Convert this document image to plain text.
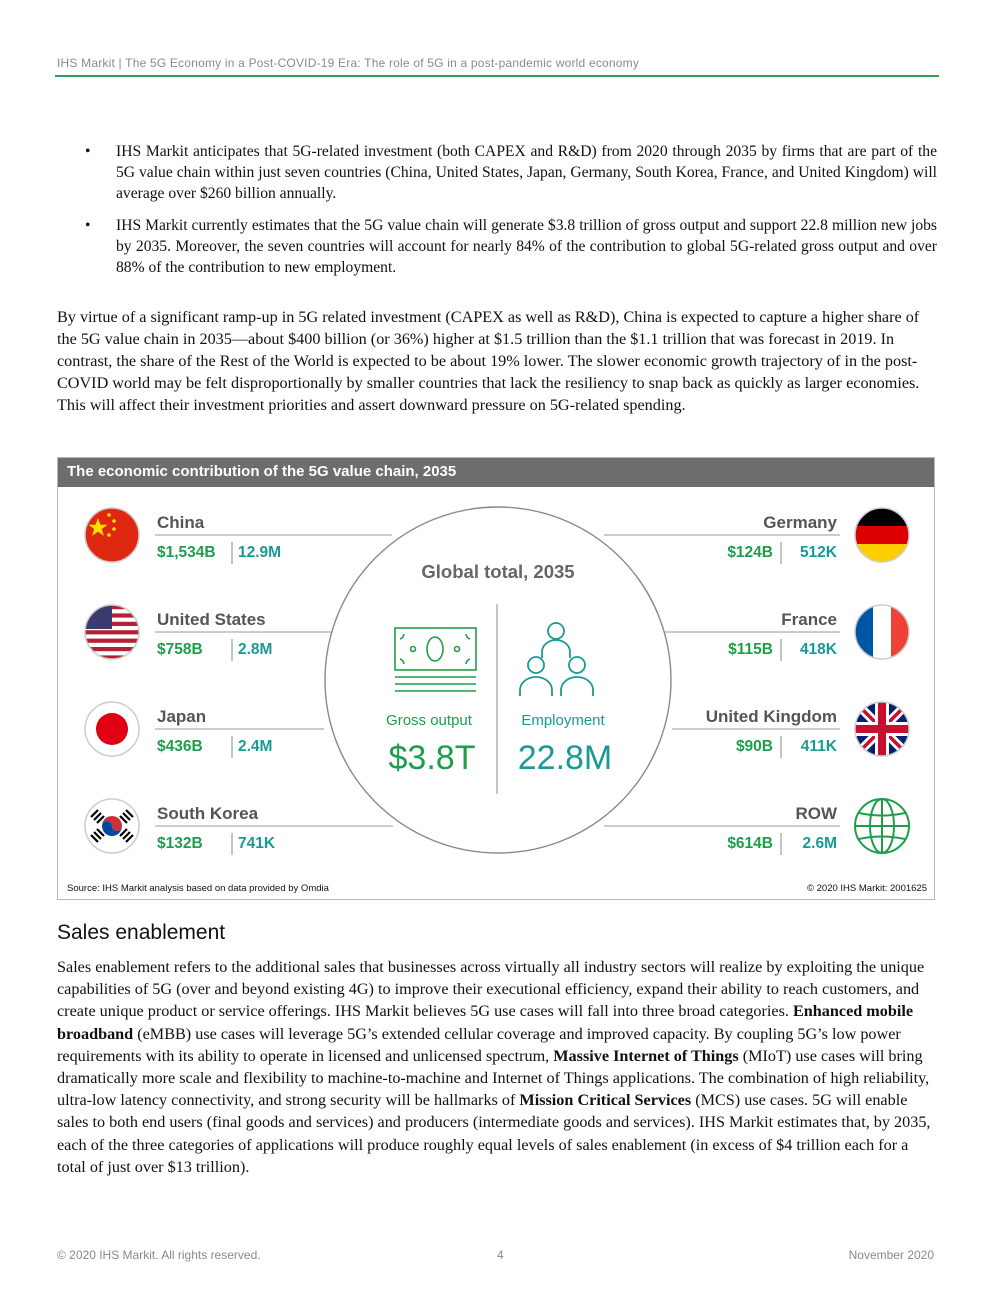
IHS Markit | The 5G Economy in a Post-COVID-19 Era: The role of 5G in a post-pandemic world economy
• IHS Markit anticipates that 5G-related investment (both CAPEX and R&D) from 2020 through 2035 by firms that are part of the 5G value chain within just seven countries (China, United States, Japan, Germany, South Korea, France, and United Kingdom) will average over $260 billion annually.
• IHS Markit currently estimates that the 5G value chain will generate $3.8 trillion of gross output and support 22.8 million new jobs by 2035. Moreover, the seven countries will account for nearly 84% of the contribution to global 5G-related gross output and over 88% of the contribution to new employment.

By virtue of a significant ramp-up in 5G related investment (CAPEX as well as R&D), China is expected to capture a higher share of the 5G value chain in 2035—about $400 billion (or 36%) higher at $1.5 trillion than the $1.1 trillion that was forecast in 2019. In contrast, the share of the Rest of the World is expected to be about 19% lower. The slower economic growth trajectory of in the post-COVID world may be felt disproportionally by smaller countries that lack the resiliency to snap back as quickly as larger economies. This will affect their investment priorities and assert downward pressure on 5G-related spending.

Global total, 2035
Gross output	Employment
$3.8T 22.8M
China
$1,534B 12.9M
United States
$758B 2.8M
Japan
$436B 2.4M
South Korea
$132B 741K
Germany
$124B 512K
France
$115B 418K
United Kingdom
$90B 411K
ROW
$614B 2.6M
Source: IHS Markit analysis based on data provided by Omdia	© 2020 IHS Markit: 2001625
The economic contribution of the 5G value chain, 2035
Sales enablement

Sales enablement refers to the additional sales that businesses across virtually all industry sectors will realize by exploiting the unique capabilities of 5G (over and beyond existing 4G) to improve their executional efficiency, expand their ability to reach customers, and create unique product or service offerings. IHS Markit believes 5G use cases will fall into three broad categories. Enhanced mobile broadband (eMBB) use cases will leverage 5G’s extended cellular coverage and improved capacity. By coupling 5G’s low power requirements with its ability to operate in licensed and unlicensed spectrum, Massive Internet of Things (MIoT) use cases will bring dramatically more scale and flexibility to machine-to-machine and Internet of Things applications. The combination of high reliability, ultra-low latency connectivity, and strong security will be hallmarks of Mission Critical Services (MCS) use cases. 5G will enable sales to both end users (final goods and services) and producers (intermediate goods and services). IHS Markit estimates that, by 2035, each of the three categories of applications will produce roughly equal levels of sales enablement (in excess of $4 trillion each for a total of just over $13 trillion).

© 2020 IHS Markit. All rights reserved.	4	November 2020
